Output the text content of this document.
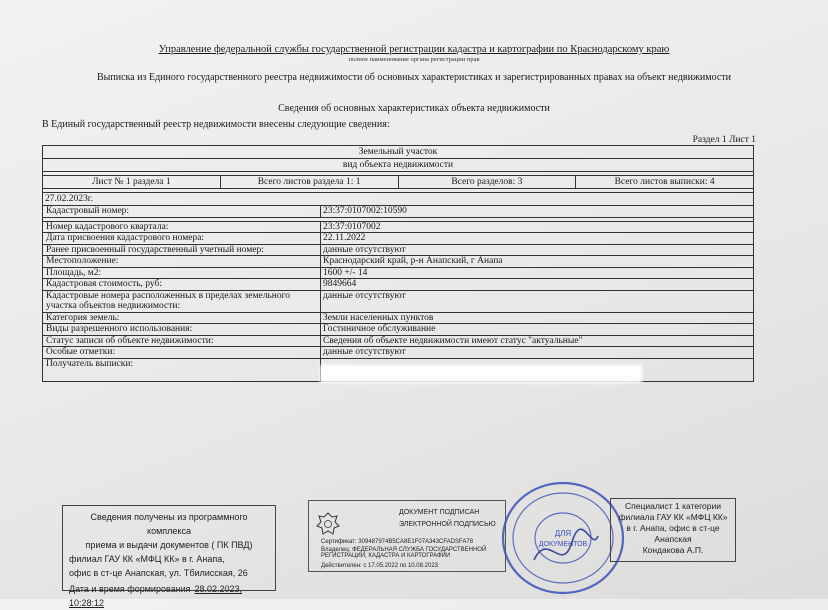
Управление федеральной службы государственной регистрации кадастра и картографии по Краснодарскому краю
полное наименование органа регистрации прав
Выписка из Единого государственного реестра недвижимости об основных характеристиках и зарегистрированных правах на объект недвижимости
Сведения об основных характеристиках объекта недвижимости
В Единый государственный реестр недвижимости внесены следующие сведения:
Раздел 1 Лист 1
Земельный участок
вид объекта недвижимости
Лист № 1 раздела 1	Всего листов раздела 1: 1	Всего разделов: 3	Всего листов выписки: 4
27.02.2023г.
Кадастровый номер:	23:37:0107002:10590
Номер кадастрового квартала:	23:37:0107002
Дата присвоения кадастрового номера:	22.11.2022
Ранее присвоенный государственный учетный номер:	данные отсутствуют
Местоположение:	Краснодарский край, р-н Анапский, г Анапа
Площадь, м2:	1600 +/- 14
Кадастровая стоимость, руб:	9849664
Кадастровые номера расположенных в пределах земельного участка объектов недвижимости:
данные отсутствуют
Категория земель:	Земли населенных пунктов
Виды разрешенного использования:	Гостиничное обслуживание
Статус записи об объекте недвижимости:	Сведения об объекте недвижимости имеют статус "актуальные"
Особые отметки:	данные отсутствуют
Получатель выписки:
Сведения получены из программного комплекса
приема и выдачи документов ( ПК ПВД)
филиал ГАУ КК «МФЦ КК» в г. Анапа,
офис в ст-це Анапская, ул. Тбилисская, 26
Дата и время формирования 28.02.2023, 10:28:12
ДОКУМЕНТ ПОДПИСАН
ЭЛЕКТРОННОЙ ПОДПИСЬЮ
Сертификат: 309487974B5CA8E1F07A343CFADSFA78
Владелец: ФЕДЕРАЛЬНАЯ СЛУЖБА ГОСУДАРСТВЕННОЙ РЕГИСТРАЦИИ, КАДАСТРА И КАРТОГРАФИИ
Действителен: с 17.05.2022 по 10.08.2023
ДЛЯ
ДОКУМЕНТОВ
Специалист 1 категории
филиала ГАУ КК «МФЦ КК»
в г. Анапа, офис в ст-це
Анапская
Кондакова А.П.
